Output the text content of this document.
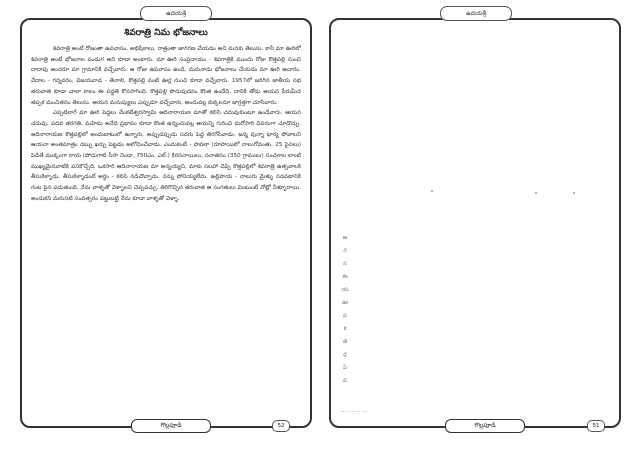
శివరాత్రి నిమ భోజనాలు

శివరాత్రి అంటే రోజంతా ఉపవాసం, అభిషేకాలు, రాత్రంతా జాగరణ చేయడం అని మనకు తెలుసు. కానీ మా ఊరిలో శివరాత్రి అంటే భోజనాల పండుగ అని కూడా అంటారు. మా ఊరి సంప్రదాయం - శివరాత్రికి ముందు రోజు కొత్తపల్లి నుంచి దాదాపు అందరూ మా గ్రామానికి వచ్చేవారు. ఆ రోజు ఉపవాసం ఉండి, మరునాడు భోజనాలు చేయడం మా ఊరి ఆచారం. వేదాల - గన్నవరం, విజయవాడ - తెనాలి, కొత్తపల్లి వంటి ఊర్ల నుంచి కూడా వచ్చేవారు. 1957లో జరిగిన జాతీయ సభ తరువాత కూడా చాలా కాలం ఈ పద్ధతి కొనసాగింది. కొత్తపల్లి పొదుపుదనం కొంత ఉండేది. దానికి తోడు ఆయన పేరుమీద తప్పక మంచితనం తెలుసు. ఆయన మనుష్యులు ఎప్పుడూ వచ్చేవారు, అందువల్ల కుక్కలనూ జాగ్రత్తగా చూసేవారు.

ఎప్పటిలాగే మా ఊరి పెద్దలు వేంకటేశ్వరస్వామి ఆదినారాయణ మాతో కలిసి చదువుకుంటూ ఉండేవారు. ఆయన చదువు, పదవ తరగతి, మహిమ అనేది ప్రభావం కూడా కొంత ఉన్నందువల్ల ఆయన్ని గురించి మరోసారి వివరంగా చూడొచ్చు. ఆదినారాయణ కొత్తపల్లిలో అందుబాటులో ఉన్నారు. అప్పుడప్పుడు సదరు పెద్ద తిరగేసేవాడు. జన్మ వున్నా భార్య పోవాలని ఆయనా అంతమాత్రం డబ్బు ఖర్చు పెట్టడం అలోచించేవాడు. ఎందుకంటే - పావలా (రూపాయిలో నాలుగోవంతు, 25 పైసలు) పెడితే ముక్కంగా కాయ (పోడుగాటి సీసా నిండా, 750ఎం. ఎల్.) కిరసనాయిలు, సనాతనం (350 గ్రాములు) సంచరాల లాంటి ముఖ్యమైనవాటికి పనికొచ్చేది. ఒకసారి ఆదినారాయణ మా అన్నయ్యని, మాకు సలహా చెప్పి కొత్తపల్లిలో శివరాత్రి ఉత్సవాలకి తీసుకెళ్ళాడు. తీసుకెళ్ళాడంటే అర్థం - కలిసి నడిచొచ్చాడు. నన్ను పోనియ్యలేదు. ఉల్లిపాయ - నాలుగు మైళ్ళు నడవటానికి గంట పైన పడుతుంది. నేను వాళ్ళతో వెళ్ళాలని చెప్పవచ్చు. తిరిగొచ్చిన తరువాత ఆ సంగతులు వింటుంటే నోట్లో నీళ్ళూరాయి. అందుకని మరుసటి సంవత్సరం పట్టుబట్టి నేను కూడా వాళ్ళతో వెళ్ళా.

గొల్లపూడి	52
ఆ
ర
స
ఈ
య
ఊ
ప
క
తె
ధ
ఏ
ప
... ... ... ...
గొల్లపూడి	51
ఉదయశ్రీ	ఉదయశ్రీ
